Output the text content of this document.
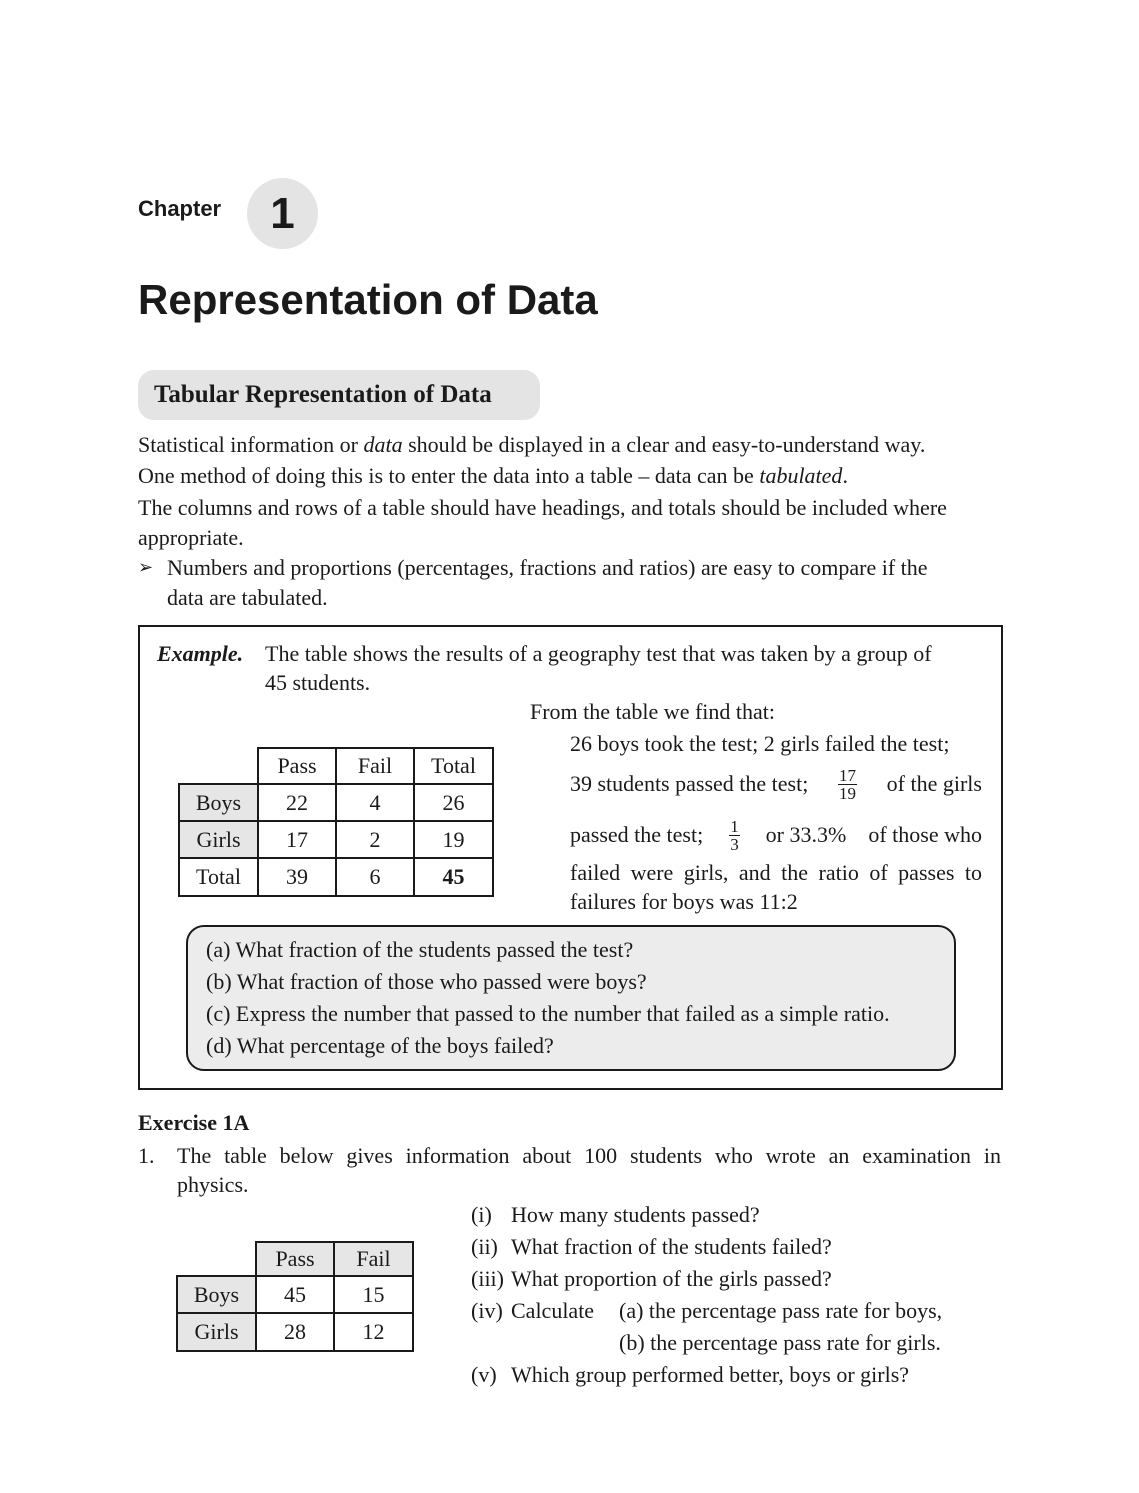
Chapter 1
Representation of Data
Tabular Representation of Data
Statistical information or data should be displayed in a clear and easy-to-understand way.
One method of doing this is to enter the data into a table – data can be tabulated.
The columns and rows of a table should have headings, and totals should be included where
appropriate.
➢ Numbers and proportions (percentages, fractions and ratios) are easy to compare if the
data are tabulated.
Example. The table shows the results of a geography test that was taken by a group of
45 students.
	Pass	Fail	Total
Boys	22	4	26
Girls	17	2	19
Total	39	6	45
From the table we find that:
26 boys took the test; 2 girls failed the test;
39 students passed the test; $\frac{17}{19}$ of the girls
passed the test; $\frac{1}{3}$ or 33.3% of those who
failed were girls, and the ratio of passes to
failures for boys was 11:2
(a) What fraction of the students passed the test?
(b) What fraction of those who passed were boys?
(c) Express the number that passed to the number that failed as a simple ratio.
(d) What percentage of the boys failed?
Exercise 1A
1. The table below gives information about 100 students who wrote an examination in
physics.
	Pass	Fail
Boys	45	15
Girls	28	12
(i) How many students passed?
(ii) What fraction of the students failed?
(iii) What proportion of the girls passed?
(iv) Calculate (a) the percentage pass rate for boys,
(b) the percentage pass rate for girls.
(v) Which group performed better, boys or girls?
